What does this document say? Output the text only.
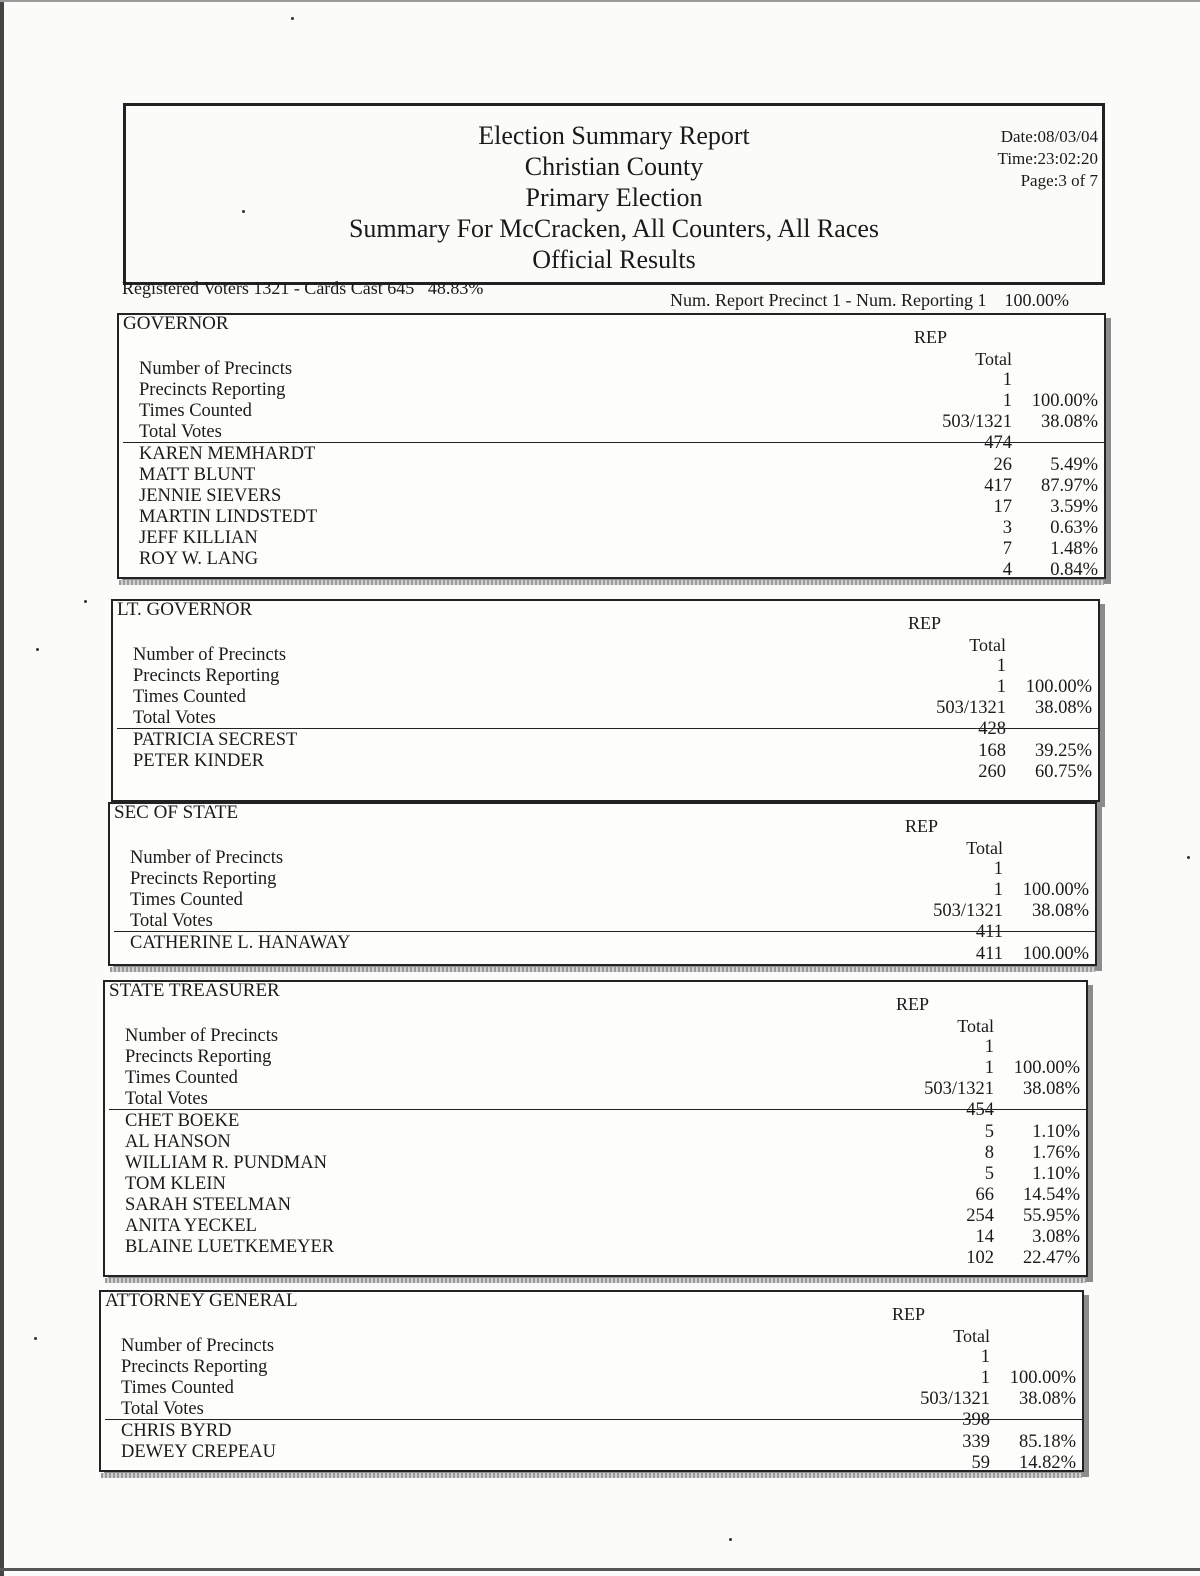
Election Summary Report
Christian County
Primary Election
Summary For McCracken, All Counters, All Races
Official Results
Date:08/03/04
Time:23:02:20
Page:3 of 7
Registered Voters 1321 - Cards Cast 645 48.83%
Num. Report Precinct 1 - Num. Reporting 1 100.00%
GOVERNOR
REP
Total
Number of Precincts
1
Precincts Reporting
1 100.00%
Times Counted
503/1321 38.08%
Total Votes
474
KAREN MEMHARDT
26 5.49%
MATT BLUNT
417 87.97%
JENNIE SIEVERS
17 3.59%
MARTIN LINDSTEDT
3 0.63%
JEFF KILLIAN
7 1.48%
ROY W. LANG
4 0.84%
LT. GOVERNOR
REP
Total
Number of Precincts
1
Precincts Reporting
1 100.00%
Times Counted
503/1321 38.08%
Total Votes
428
PATRICIA SECREST
168 39.25%
PETER KINDER
260 60.75%
SEC OF STATE
REP
Total
Number of Precincts
1
Precincts Reporting
1 100.00%
Times Counted
503/1321 38.08%
Total Votes
411
CATHERINE L. HANAWAY
411 100.00%
STATE TREASURER
REP
Total
Number of Precincts
1
Precincts Reporting
1 100.00%
Times Counted
503/1321 38.08%
Total Votes
454
CHET BOEKE
5 1.10%
AL HANSON
8 1.76%
WILLIAM R. PUNDMAN
5 1.10%
TOM KLEIN
66 14.54%
SARAH STEELMAN
254 55.95%
ANITA YECKEL
14 3.08%
BLAINE LUETKEMEYER
102 22.47%
ATTORNEY GENERAL
REP
Total
Number of Precincts
1
Precincts Reporting
1 100.00%
Times Counted
503/1321 38.08%
Total Votes
398
CHRIS BYRD
339 85.18%
DEWEY CREPEAU
59 14.82%
